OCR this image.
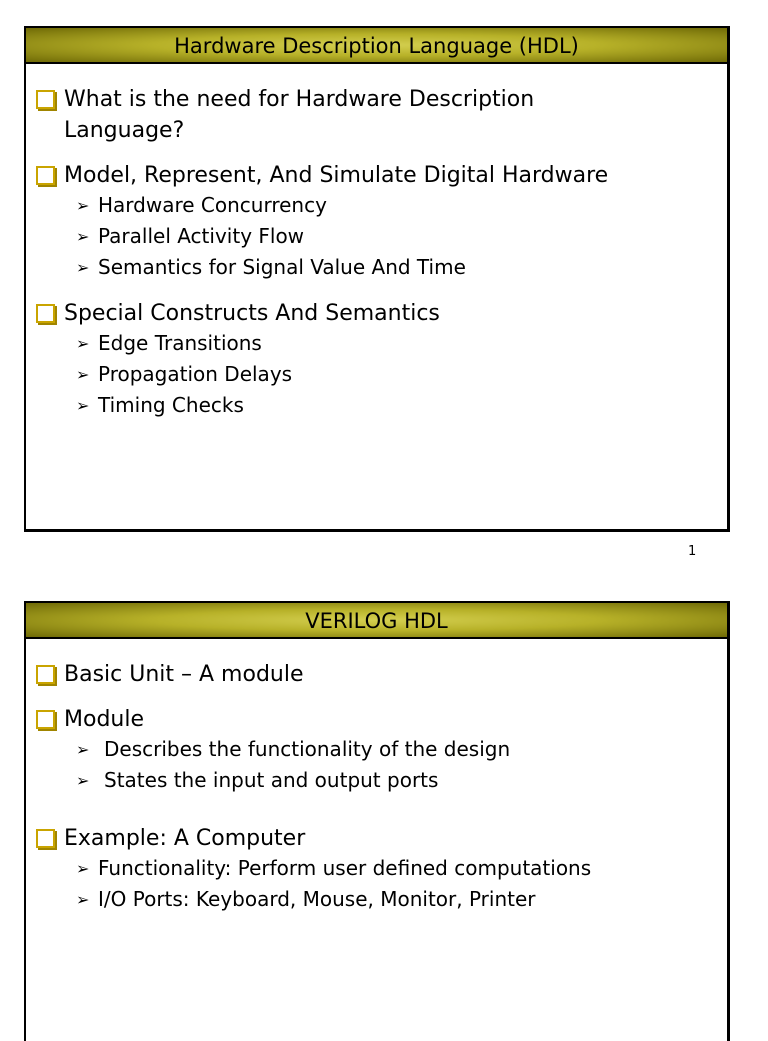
Hardware Description Language (HDL)
What is the need for Hardware Description
Language?
Model, Represent, And Simulate Digital Hardware
➢ Hardware Concurrency
➢ Parallel Activity Flow
➢ Semantics for Signal Value And Time
Special Constructs And Semantics
➢ Edge Transitions
➢ Propagation Delays
➢ Timing Checks
1
VERILOG HDL
Basic Unit – A module
Module
➢ Describes the functionality of the design
➢ States the input and output ports
Example: A Computer
➢ Functionality: Perform user defined computations
➢ I/O Ports: Keyboard, Mouse, Monitor, Printer
